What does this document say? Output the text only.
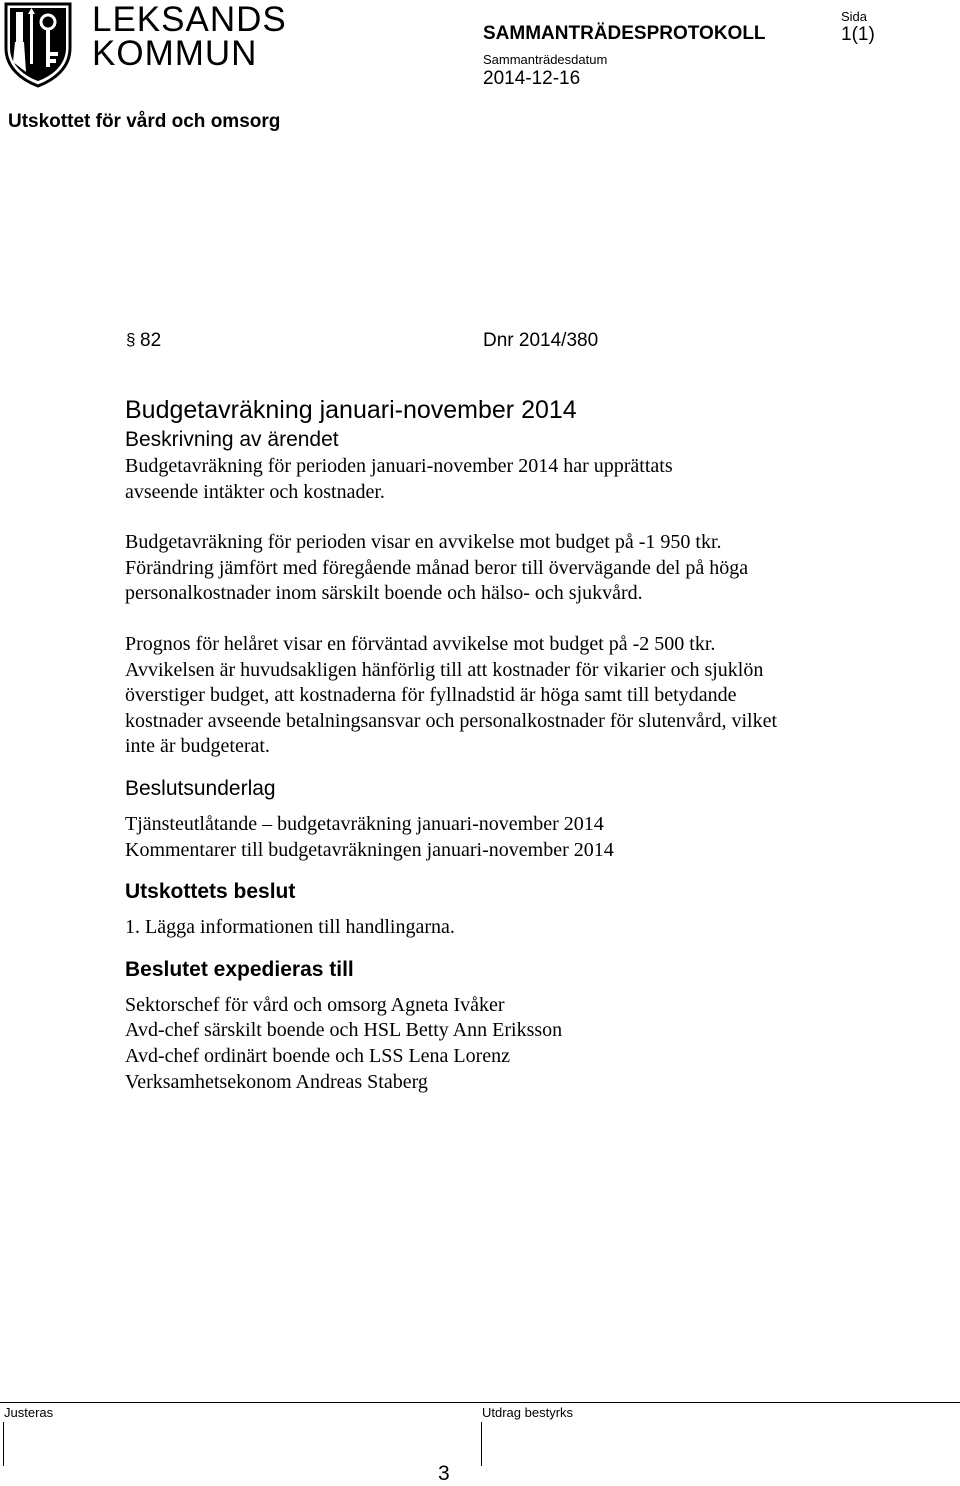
LEKSANDS
KOMMUN
SAMMANTRÄDESPROTOKOLL
Sammanträdesdatum
2014-12-16
Sida
1(1)
Utskottet för vård och omsorg
§ 82	Dnr 2014/380
Budgetavräkning januari-november 2014
Beskrivning av ärendet

Budgetavräkning för perioden januari-november 2014 har upprättats avseende intäkter och kostnader.

Budgetavräkning för perioden visar en avvikelse mot budget på -1 950 tkr. Förändring jämfört med föregående månad beror till övervägande del på höga personalkostnader inom särskilt boende och hälso- och sjukvård.

Prognos för helåret visar en förväntad avvikelse mot budget på -2 500 tkr. Avvikelsen är huvudsakligen hänförlig till att kostnader för vikarier och sjuklön överstiger budget, att kostnaderna för fyllnadstid är höga samt till betydande kostnader avseende betalningsansvar och personalkostnader för slutenvård, vilket inte är budgeterat.

Beslutsunderlag

Tjänsteutlåtande – budgetavräkning januari-november 2014

Kommentarer till budgetavräkningen januari-november 2014

Utskottets beslut

1. Lägga informationen till handlingarna.

Beslutet expedieras till

Sektorschef för vård och omsorg Agneta Ivåker

Avd-chef särskilt boende och HSL Betty Ann Eriksson

Avd-chef ordinärt boende och LSS Lena Lorenz

Verksamhetsekonom Andreas Staberg

Justeras	Utdrag bestyrks
3
